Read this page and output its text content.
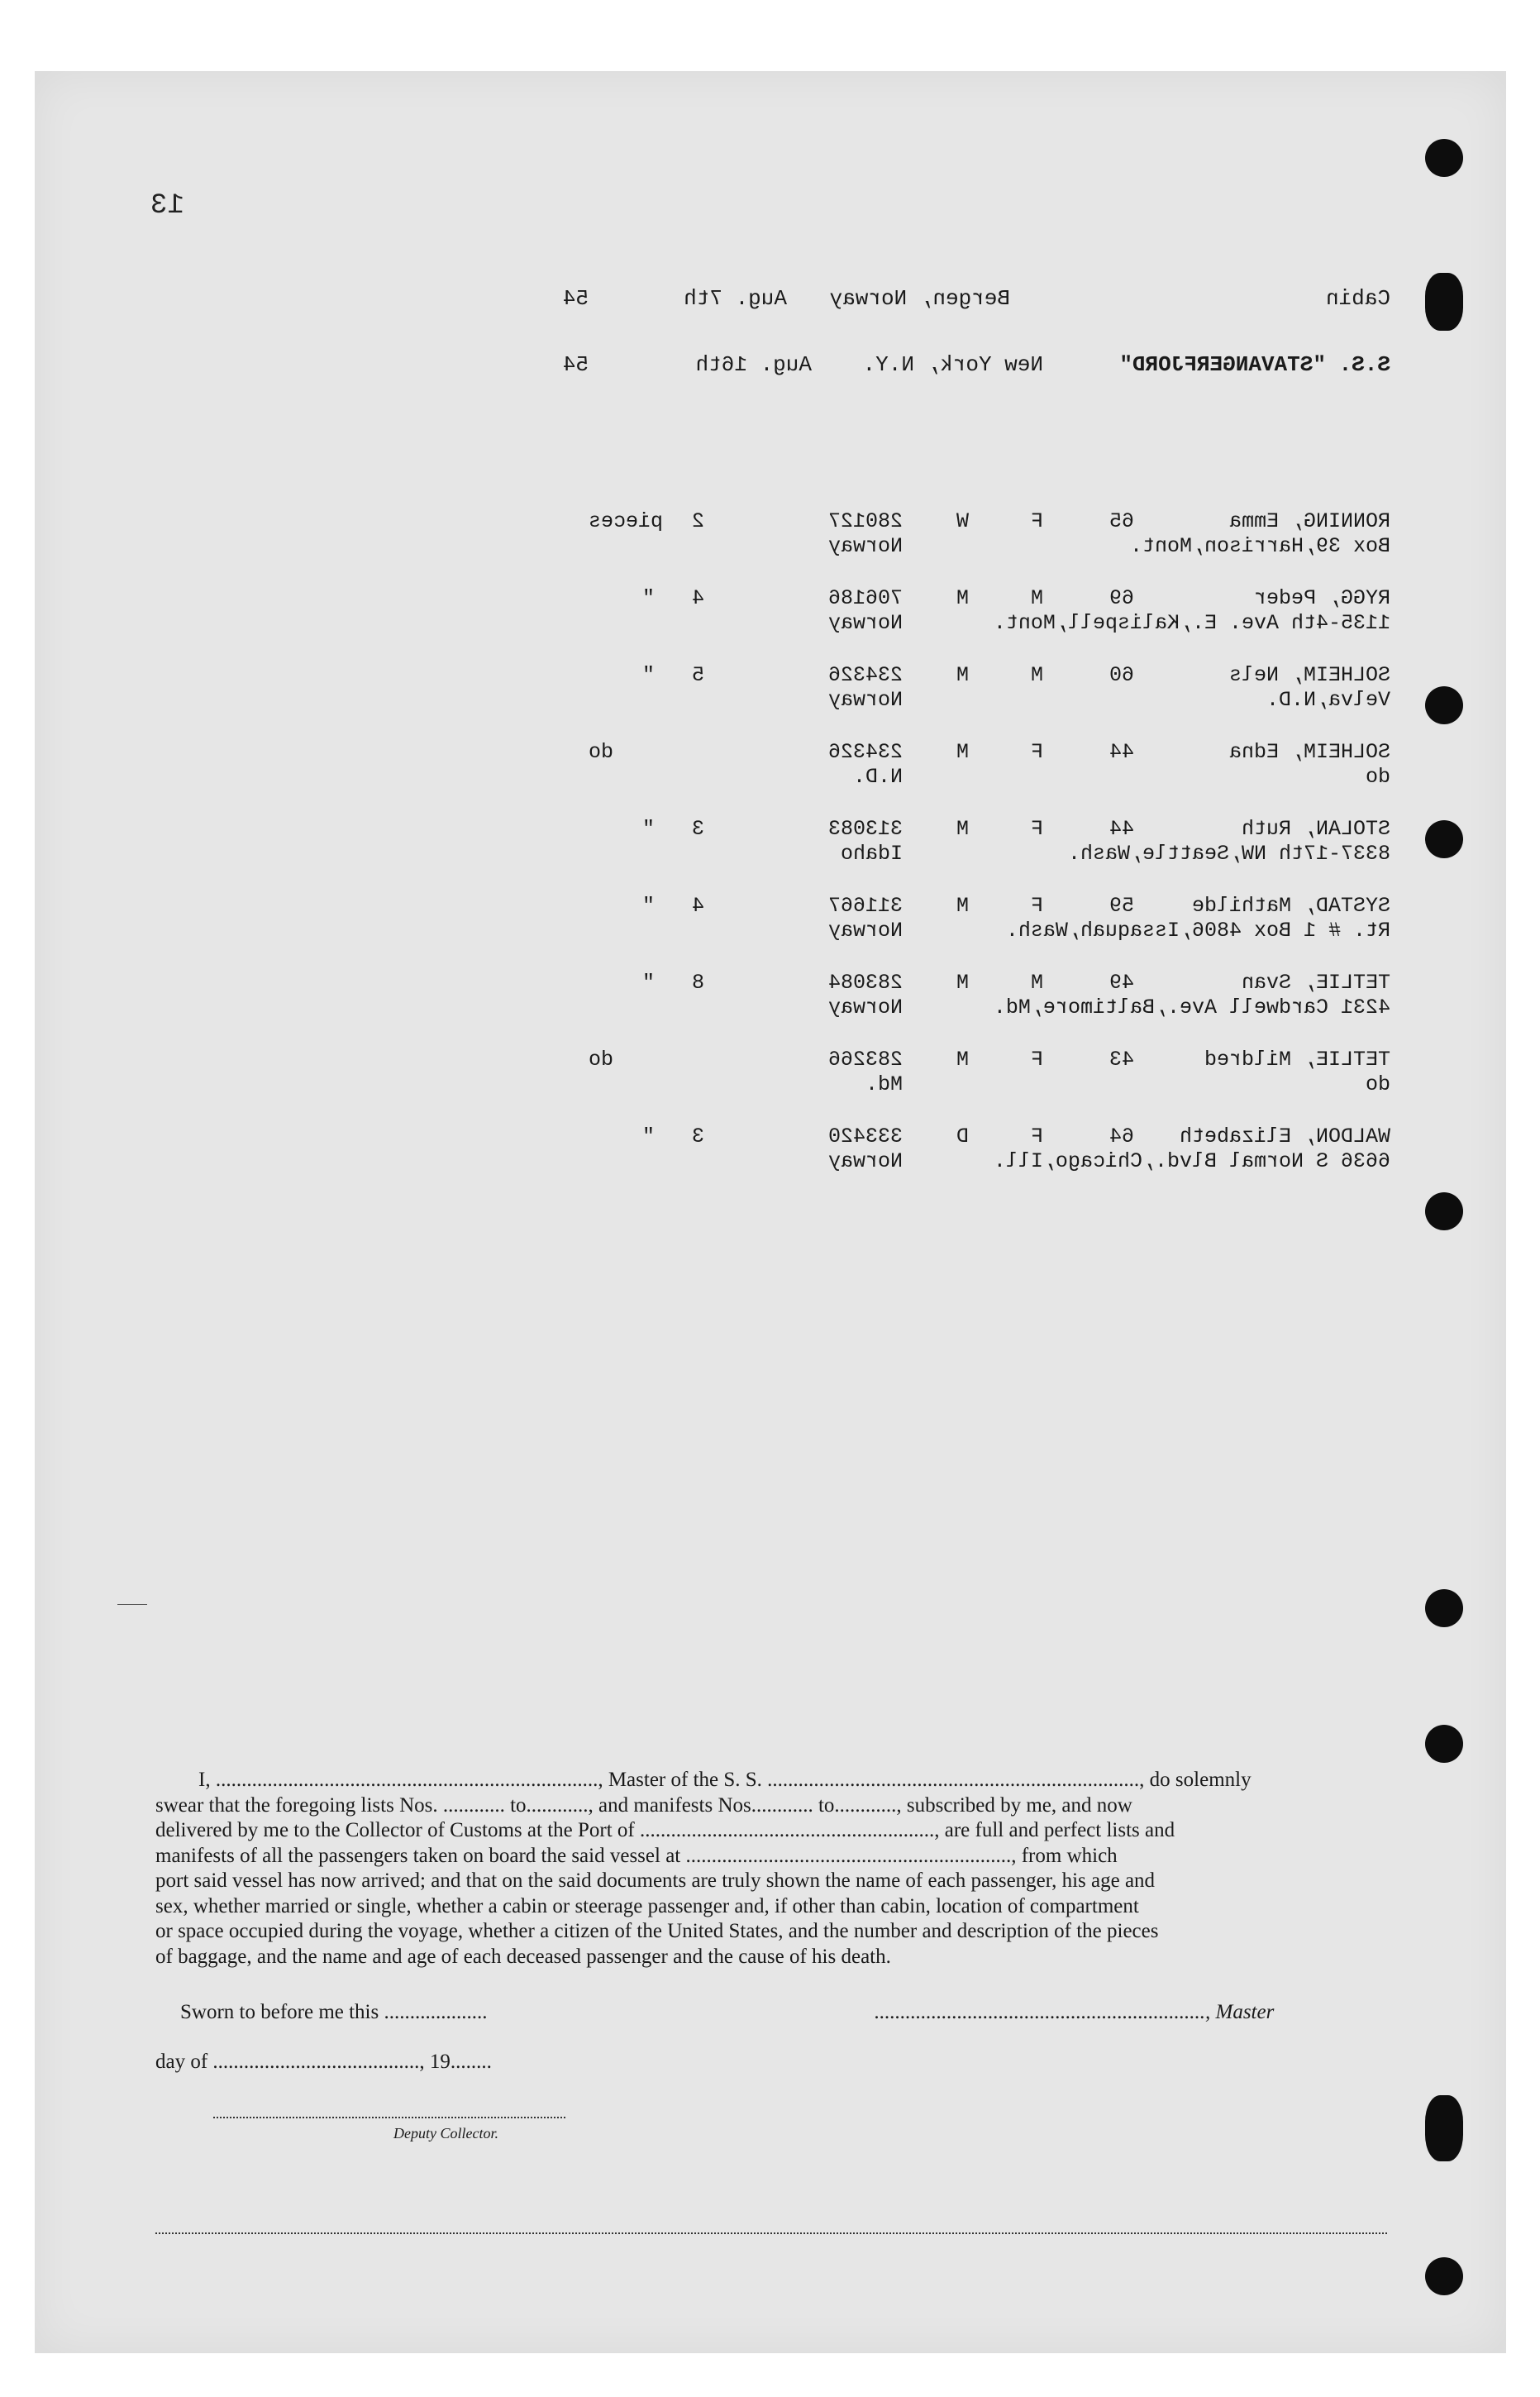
13
Cabin
Bergen, Norway
Aug. 7th
54
S.S. "STAVANGERFJORD"
New York, N.Y.
Aug. 16th
54
RONNING, Emma
Box 39,Harrison,Mont.
65
F
W
280127
Norway
2
pieces
RYGG, Peder
1135-4th Ave. E.,Kalispell,Mont.
69
M
M
706186
Norway
4
"
SOLHEIM, Nels
Velva,N.D.
60
M
M
234326
Norway
5
"
SOLHEIM, Edna
do
44
F
M
234326
N.D.
do
STOLAN, Ruth
8337-17th NW,Seattle,Wash.
44
F
M
313083
Idaho
3
"
SYSTAD, Mathilde
Rt. # 1 Box 4806,Issaquah,Wash.
59
F
M
311667
Norway
4
"
TETLIE, Svan
4231 Cardwell Ave.,Baltimore,Md.
49
M
M
283084
Norway
8
"
TETLIE, Mildred
do
43
F
M
283266
Md.
do
WALDON, Elizabeth
6636 S Normal Blvd.,Chicago,Ill.
64
F
D
333420
Norway
3
"
I, .........................................................................., Master of the S. S. ........................................................................, do solemnly
swear that the foregoing lists Nos. ............ to............, and manifests Nos............ to............, subscribed by me, and now
delivered by me to the Collector of Customs at the Port of ........................................................., are full and perfect lists and
manifests of all the passengers taken on board the said vessel at ..............................................................., from which
port said vessel has now arrived; and that on the said documents are truly shown the name of each passenger, his age and
sex, whether married or single, whether a cabin or steerage passenger and, if other than cabin, location of compartment
or space occupied during the voyage, whether a citizen of the United States, and the number and description of the pieces
of baggage, and the name and age of each deceased passenger and the cause of his death.
Sworn to before me this ....................	................................................................, Master
day of ........................................, 19........
Deputy Collector.
